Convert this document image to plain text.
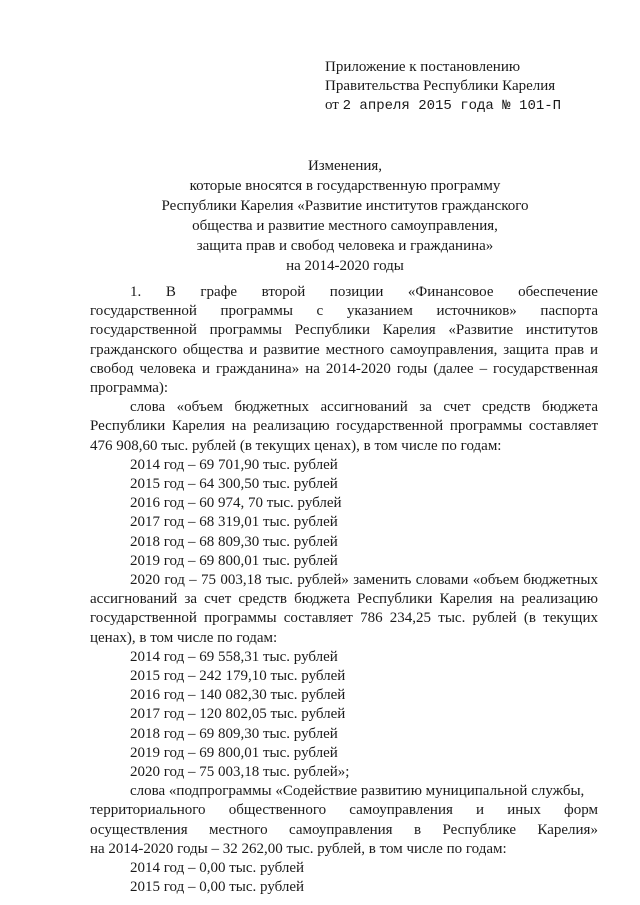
Приложение к постановлению
Правительства Республики Карелия
от 2 апреля 2015 года № 101-П
Изменения,
которые вносятся в государственную программу
Республики Карелия «Развитие институтов гражданского
общества и развитие местного самоуправления,
защита прав и свобод человека и гражданина»
на 2014-2020 годы
1. В графе второй позиции «Финансовое обеспечение
государственной программы с указанием источников» паспорта

государственной программы Республики Карелия «Развитие институтов гражданского общества и развитие местного самоуправления, защита прав и свобод человека и гражданина» на 2014-2020 годы (далее – государственная программа):

слова «объем бюджетных ассигнований за счет средств бюджета Республики Карелия на реализацию государственной программы составляет 476 908,60 тыс. рублей (в текущих ценах), в том числе по годам:

2014 год – 69 701,90 тыс. рублей

2015 год – 64 300,50 тыс. рублей

2016 год – 60 974, 70 тыс. рублей

2017 год – 68 319,01 тыс. рублей

2018 год – 68 809,30 тыс. рублей

2019 год – 69 800,01 тыс. рублей

2020 год – 75 003,18 тыс. рублей» заменить словами «объем бюджетных ассигнований за счет средств бюджета Республики Карелия на реализацию государственной программы составляет 786 234,25 тыс. рублей (в текущих ценах), в том числе по годам:

2014 год – 69 558,31 тыс. рублей

2015 год – 242 179,10 тыс. рублей

2016 год – 140 082,30 тыс. рублей

2017 год – 120 802,05 тыс. рублей

2018 год – 69 809,30 тыс. рублей

2019 год – 69 800,01 тыс. рублей

2020 год – 75 003,18 тыс. рублей»;

слова «подпрограммы «Содействие развитию муниципальной службы,

территориального общественного самоуправления и иных форм
осуществления местного самоуправления в Республике Карелия»

на 2014-2020 годы – 32 262,00 тыс. рублей, в том числе по годам:

2014 год – 0,00 тыс. рублей

2015 год – 0,00 тыс. рублей
